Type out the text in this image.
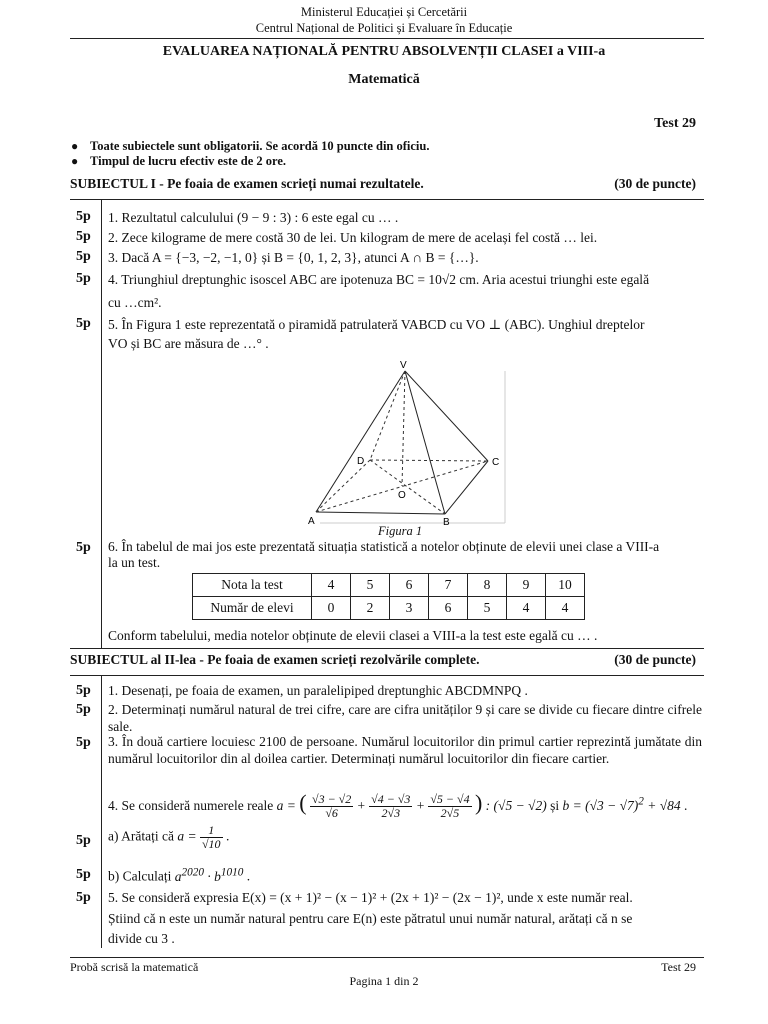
Ministerul Educației și Cercetării
Centrul Național de Politici și Evaluare în Educație
EVALUAREA NAȚIONALĂ PENTRU ABSOLVENȚII CLASEI a VIII-a
Matematică
Test 29
● Toate subiectele sunt obligatorii. Se acordă 10 puncte din oficiu.
● Timpul de lucru efectiv este de 2 ore.
SUBIECTUL I - Pe foaia de examen scrieți numai rezultatele.	(30 de puncte)
5p 1. Rezultatul calculului (9 − 9 : 3) : 6 este egal cu … .
5p 2. Zece kilograme de mere costă 30 de lei. Un kilogram de mere de același fel costă … lei.
5p 3. Dacă A = {−3, −2, −1, 0} și B = {0, 1, 2, 3}, atunci A ∩ B = {…}.
5p 4. Triunghiul dreptunghic isoscel ABC are ipotenuza BC = 10√2 cm. Aria acestui triunghi este egală
cu …cm².
5p 5. În Figura 1 este reprezentată o piramidă patrulateră VABCD cu VO ⊥ (ABC). Unghiul dreptelor
VO și BC are măsura de …° .
V
A	B
C
D
O
Figura 1
5p 6. În tabelul de mai jos este prezentată situația statistică a notelor obținute de elevii unei clase a VIII-a
la un test.
Nota la test	4	5	6	7	8	9	10
Număr de elevi	0	2	3	6	5	4	4
Conform tabelului, media notelor obținute de elevii clasei a VIII-a la test este egală cu … .
SUBIECTUL al II-lea - Pe foaia de examen scrieți rezolvările complete.	(30 de puncte)
5p 1. Desenați, pe foaia de examen, un paralelipiped dreptunghic ABCDMNPQ .
5p 2. Determinați numărul natural de trei cifre, care are cifra unităților 9 și care se divide cu fiecare dintre cifrele sale.
5p 3. În două cartiere locuiesc 2100 de persoane. Numărul locuitorilor din primul cartier reprezintă jumătate din numărul locuitorilor din al doilea cartier. Determinați numărul locuitorilor din fiecare cartier.
4. Se consideră numerele reale a = ( $\frac{√3 - √2}{√6} + \frac{√4 - √3}{2√3} + \frac{√5 - √4}{2√5}$ ) : (√5 − √2) și $b = (√3 - √7)^2 + √84$ .
5p a) Arătați că $a = \frac{1}{√10}$ .
5p b) Calculați $a^{2020} \cdot b^{1010}$ .
5p 5. Se consideră expresia E(x) = (x + 1)² − (x − 1)² + (2x + 1)² − (2x − 1)², unde x este număr real.
Știind că n este un număr natural pentru care E(n) este pătratul unui număr natural, arătați că n se
divide cu 3 .
Probă scrisă la matematică	Test 29
Pagina 1 din 2
